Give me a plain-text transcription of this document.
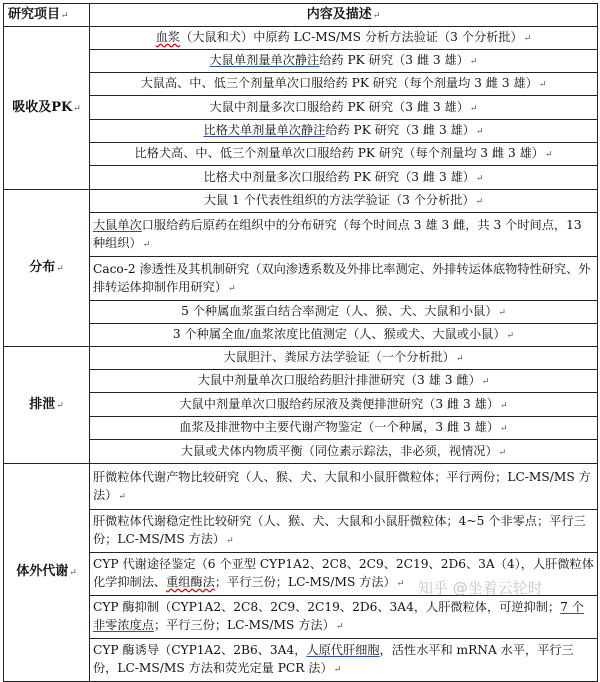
研究项目↵	内容及描述↵
吸收及PK↵	血浆（大鼠和犬）中原药 LC-MS/MS 分析方法验证（3 个分析批）↵
	大鼠单剂量单次静注给药 PK 研究（3 雌 3 雄）↵
	大鼠高、中、低三个剂量单次口服给药 PK 研究（每个剂量均 3 雌 3 雄）↵
	大鼠中剂量多次口服给药 PK 研究（3 雌 3 雄）↵
	比格犬单剂量单次静注给药 PK 研究（3 雌 3 雄）↵
	比格犬高、中、低三个剂量单次口服给药 PK 研究（每个剂量均 3 雌 3 雄）↵
	比格犬中剂量多次口服给药 PK 研究（3 雌 3 雄）↵
分布↵	大鼠 1 个代表性组织的方法学验证（3 个分析批）↵
	大鼠单次口服给药后原药在组织中的分布研究（每个时间点 3 雄 3 雌，共 3 个时间点，13 种组织）↵
	Caco-2 渗透性及其机制研究（双向渗透系数及外排比率测定、外排转运体底物特性研究、外排转运体抑制作用研究）↵
	5 个种属血浆蛋白结合率测定（人、猴、犬、大鼠和小鼠）↵
	3 个种属全血/血浆浓度比值测定（人、猴或犬、大鼠或小鼠）↵
排泄↵	大鼠胆汁、粪尿方法学验证（一个分析批）↵
	大鼠中剂量单次口服给药胆汁排泄研究（3 雄 3 雌）↵
	大鼠中剂量单次口服给药尿液及粪便排泄研究（3 雌 3 雄）↵
	血浆及排泄物中主要代谢产物鉴定（一个种属，3 雌 3 雄）↵
	大鼠或犬体内物质平衡（同位素示踪法，非必须，视情况）↵
体外代谢↵	肝微粒体代谢产物比较研究（人、猴、犬、大鼠和小鼠肝微粒体；平行两份；LC-MS/MS 方法）↵
	肝微粒体代谢稳定性比较研究（人、猴、犬、大鼠和小鼠肝微粒体；4~5 个非零点；平行三份；LC-MS/MS 方法）↵
	CYP 代谢途径鉴定（6 个亚型 CYP1A2、2C8、2C9、2C19、2D6、3A（4），人肝微粒体化学抑制法、重组酶法；平行三份；LC-MS/MS 方法）↵
	CYP 酶抑制（CYP1A2、2C8、2C9、2C19、2D6、3A4，人肝微粒体，可逆抑制；7 个非零浓度点；平行三份；LC-MS/MS 方法）↵
	CYP 酶诱导（CYP1A2、2B6、3A4，人原代肝细胞，活性水平和 mRNA 水平，平行三份，LC-MS/MS 方法和荧光定量 PCR 法）↵
知乎 @坐着云轮时
